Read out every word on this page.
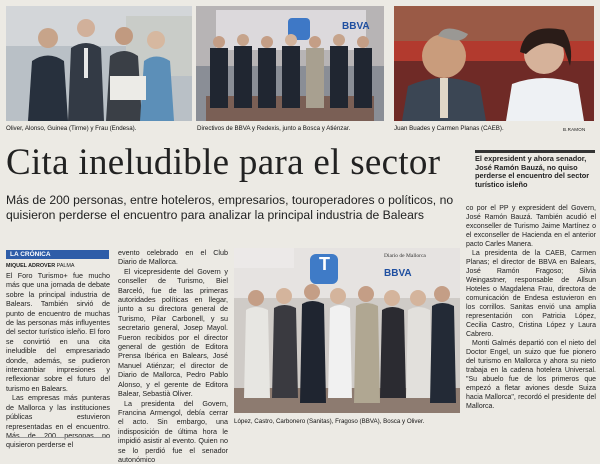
BBVA
Oliver, Alonso, Guinea (Tirme) y Frau (Endesa).	Directivos de BBVA y Redexis, junto a Bosca y Atiénzar.	Juan Buades y Carmen Planas (CAEB).	B.RAMON
Cita ineludible para el sector	El expresident y ahora senador, José Ramón Bauzá, no quiso perderse el encuentro del sector turístico isleño

Más de 200 personas, entre hoteleros, empresarios, touroperadores o políticos, no quisieron perderse el encuentro para analizar la principal industria de Balears
LA CRÓNICA
MIQUEL ADROVER PALMA

El Foro Turismo+ fue mucho más que una jornada de debate sobre la principal industria de Balears. También sirvió de punto de encuentro de muchas de las personas más influyentes del sector turístico isleño. El foro se convirtió en una cita ineludible del empresariado donde, además, se pudieron intercambiar impresiones y reflexionar sobre el futuro del turismo en Balears.

Las empresas más punteras de Mallorca y las instituciones públicas estuvieron representadas en el encuentro. Más de 200 personas no quisieron perderse el

evento celebrado en el Club Diario de Mallorca.

El vicepresidente del Govern y conseller de Turismo, Biel Barceló, fue de las primeras autoridades políticas en llegar, junto a su directora general de Turismo, Pilar Carbonell, y su secretario general, Josep Mayol. Fueron recibidos por el director general de gestión de Editora Prensa Ibérica en Balears, José Manuel Atiénzar; el director de Diario de Mallorca, Pedro Pablo Alonso, y el gerente de Editora Balear, Sebastià Oliver.

La presidenta del Govern, Francina Armengol, debía cerrar el acto. Sin embargo, una indisposición de última hora le impidió asistir al evento. Quien no se lo perdió fue el senador autonómico

T	BBVA
Diario de Mallorca
López, Castro, Carbonero (Sanitas), Fragoso (BBVA), Bosca y Oliver.

co por el PP y expresident del Govern, José Ramón Bauzá. También acudió el exconseller de Turismo Jaime Martínez o el exconseller de Hacienda en el anterior pacto Carles Manera.

La presidenta de la CAEB, Carmen Planas; el director de BBVA en Balears, José Ramón Fragoso; Silvia Weingastner, responsable de Allsun Hoteles o Magdalena Frau, directora de comunicación de Endesa estuvieron en los corrillos. Sanitas envió una amplia representación con Patricia López, Cecilia Castro, Cristina López y Laura Cabrero.

Monti Galmés departió con el nieto del Doctor Engel, un suizo que fue pionero del turismo en Mallorca y ahora su nieto trabaja en la cadena hotelera Universal. "Su abuelo fue de los primeros que empezó a fletar aviones desde Suiza hacia Mallorca", recordó el presidente del Mallorca.
